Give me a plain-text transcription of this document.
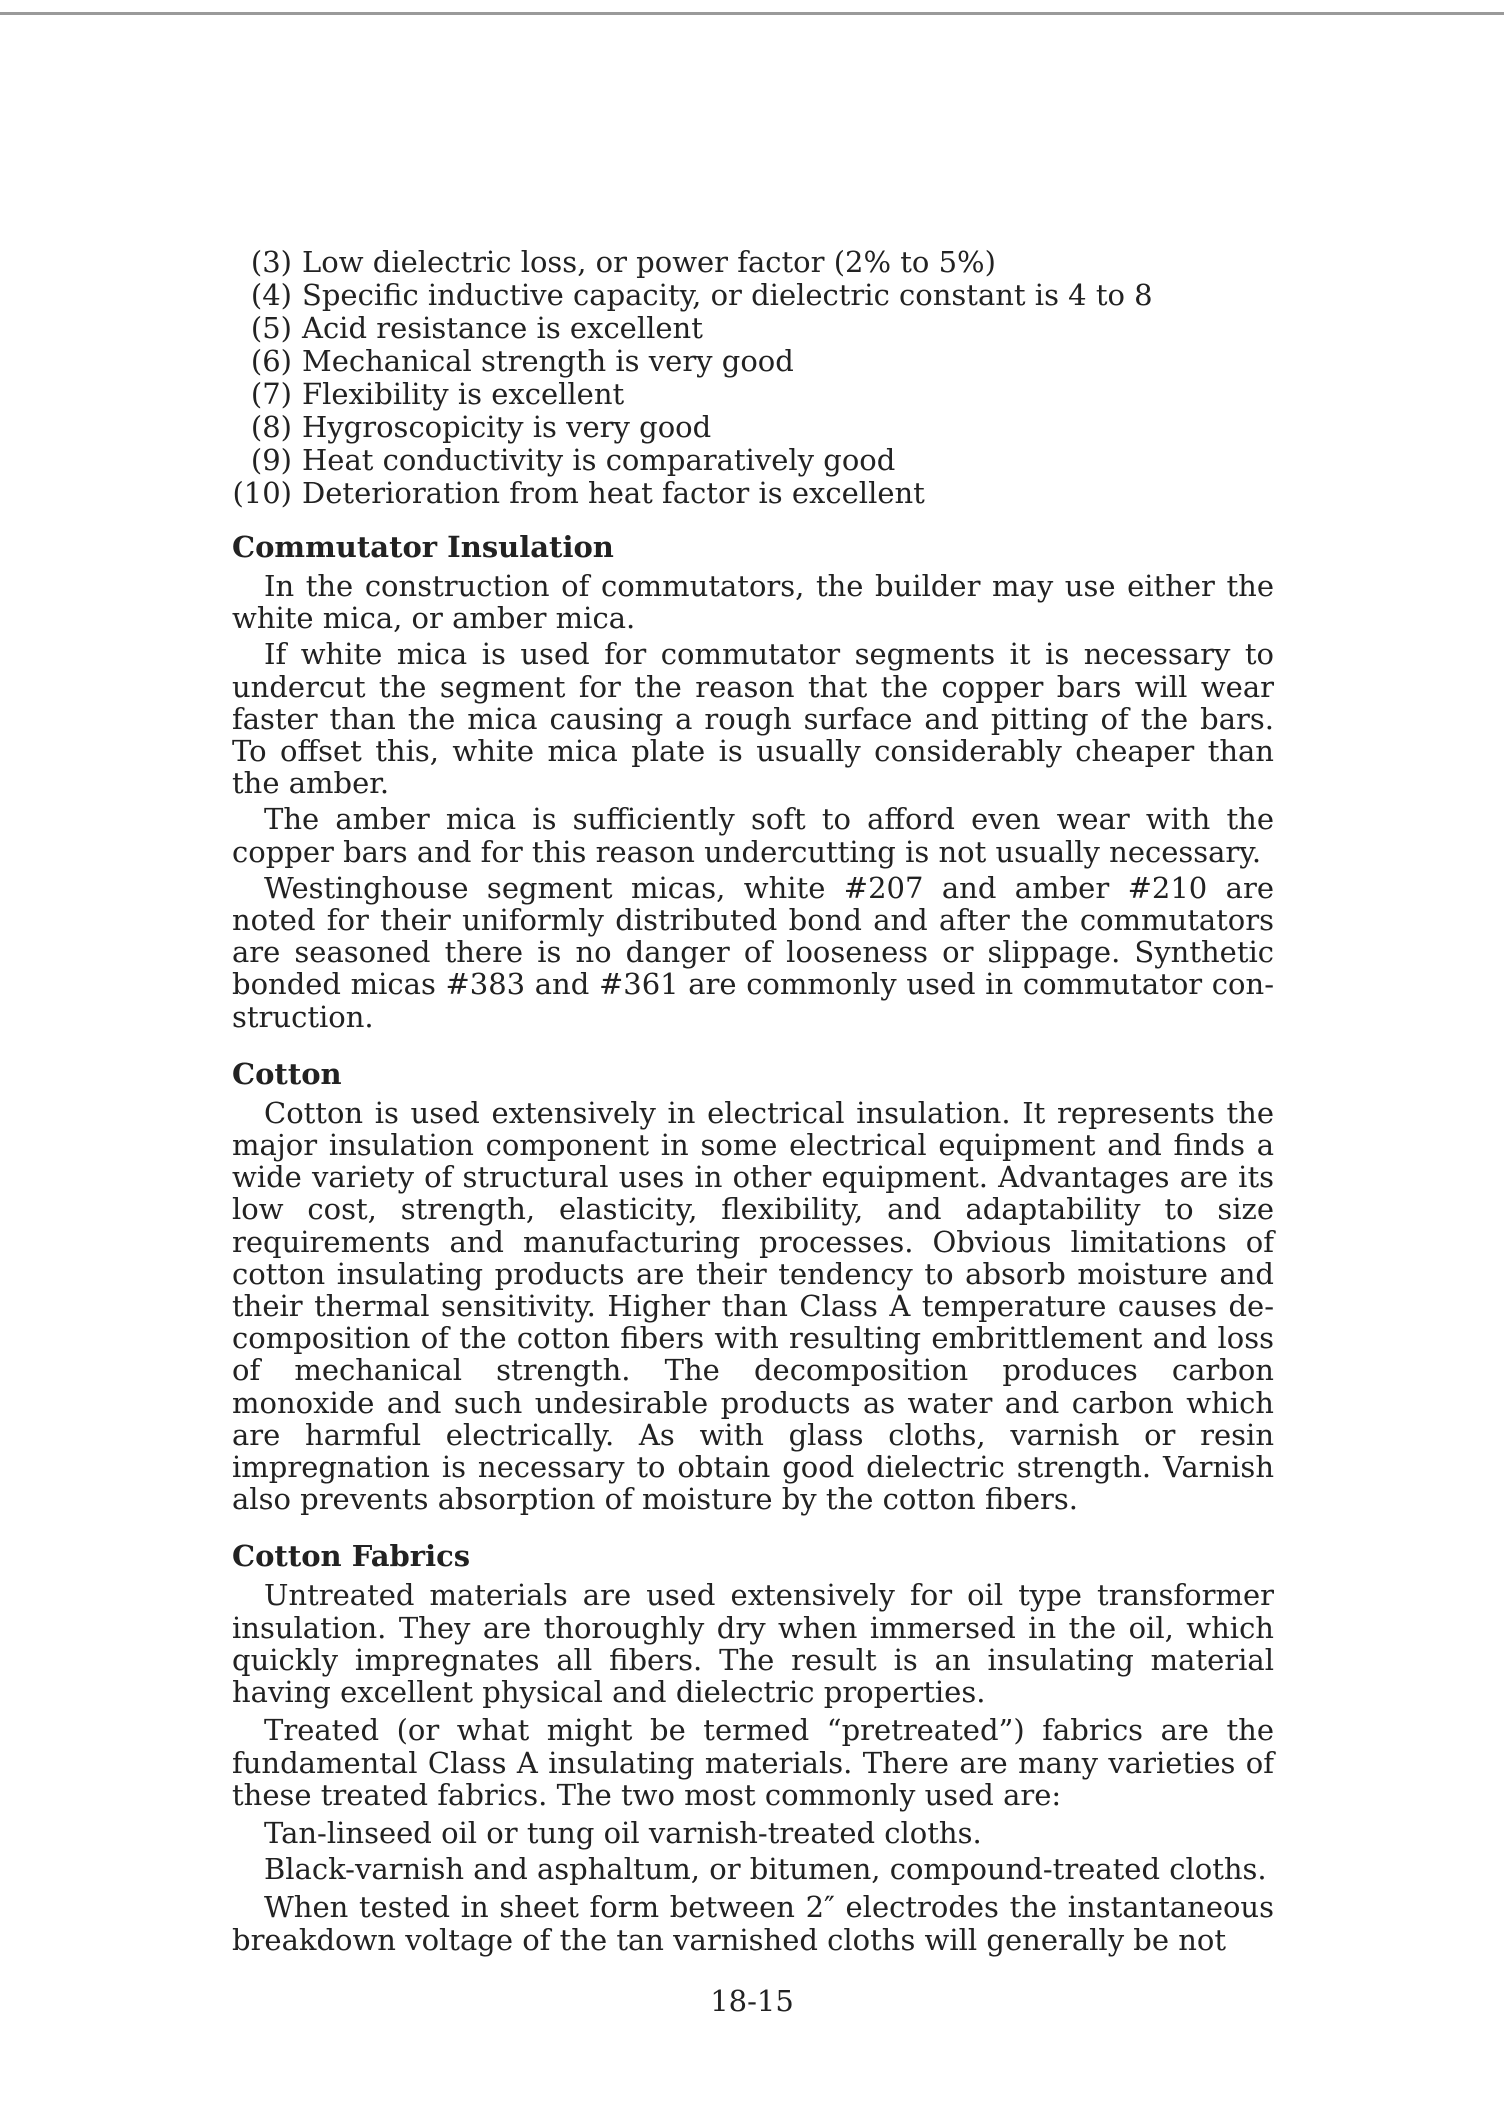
(3) Low dielectric loss, or power factor (2% to 5%)
(4) Specific inductive capacity, or dielectric constant is 4 to 8
(5) Acid resistance is excellent
(6) Mechanical strength is very good
(7) Flexibility is excellent
(8) Hygroscopicity is very good
(9) Heat conductivity is comparatively good
(10) Deterioration from heat factor is excellent
Commutator Insulation

In the construction of commutators, the builder may use either the white mica, or amber mica.

If white mica is used for commutator segments it is necessary to undercut the segment for the reason that the copper bars will wear faster than the mica causing a rough surface and pitting of the bars. To offset this, white mica plate is usually considerably cheaper than the amber.

The amber mica is sufficiently soft to afford even wear with the copper bars and for this reason undercutting is not usually necessary.

Westinghouse segment micas, white #207 and amber #210 are noted for their uniformly distributed bond and after the commutators are seasoned there is no danger of looseness or slippage. Synthetic bonded micas #383 and #361 are commonly used in commutator construction.

Cotton

Cotton is used extensively in electrical insulation. It represents the major insulation component in some electrical equipment and finds a wide variety of structural uses in other equipment. Advantages are its low cost, strength, elasticity, flexibility, and adaptability to size requirements and manufacturing processes. Obvious limitations of cotton insulating products are their tendency to absorb moisture and their thermal sensitivity. Higher than Class A temperature causes decomposition of the cotton fibers with resulting embrittlement and loss of mechanical strength. The decomposition produces carbon monoxide and such undesirable products as water and carbon which are harmful electrically. As with glass cloths, varnish or resin impregnation is necessary to obtain good dielectric strength. Varnish also prevents absorption of moisture by the cotton fibers.

Cotton Fabrics

Untreated materials are used extensively for oil type transformer insulation. They are thoroughly dry when immersed in the oil, which quickly impregnates all fibers. The result is an insulating material having excellent physical and dielectric properties.

Treated (or what might be termed “pretreated”) fabrics are the fundamental Class A insulating materials. There are many varieties of these treated fabrics. The two most commonly used are:

Tan-linseed oil or tung oil varnish-treated cloths.

Black-varnish and asphaltum, or bitumen, compound-treated cloths.

When tested in sheet form between 2″ electrodes the instantaneous breakdown voltage of the tan varnished cloths will generally be not

18-15
